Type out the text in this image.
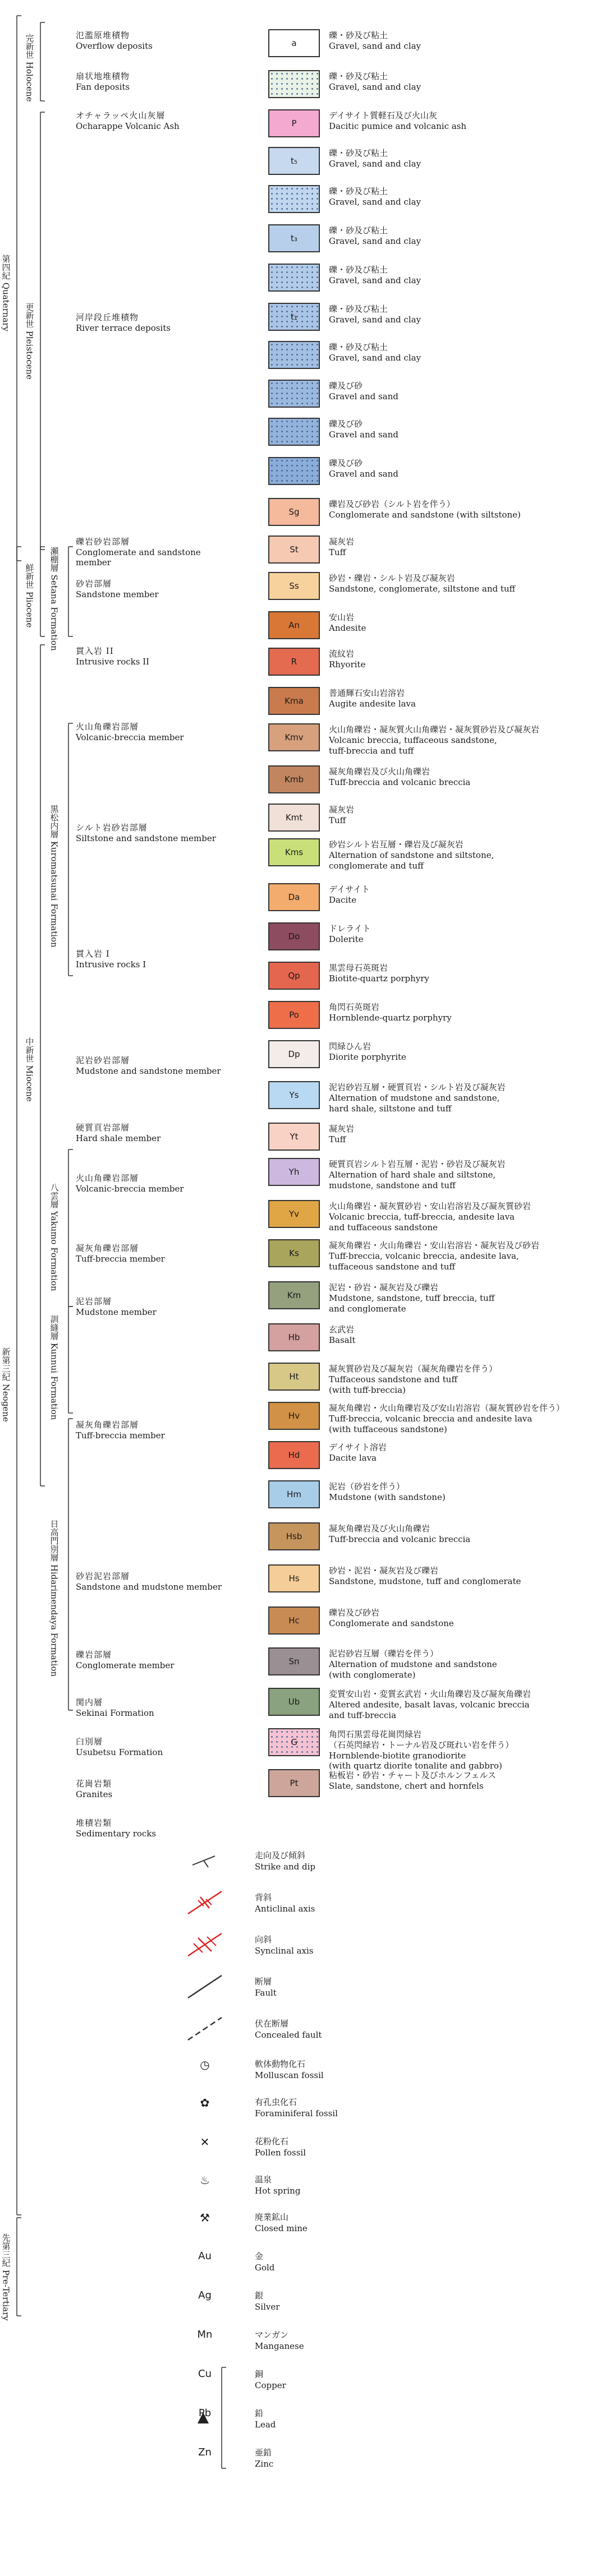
第四紀 Quaternary
新第三紀 Neogene
先第三紀 Pre-Tertiary
完新世 Holocene
更新世 Pleistocene
鮮新世 Pliocene
中新世 Miocene
瀬棚層 Setana Formation
黒松内層 Kuromatsunai Formation
八雲層 Yakumo Formation
訓縫層 Kunnui Formation
日高門別層 Hidarimendaya Formation
氾濫原堆積物
Overflow deposits
扇状地堆積物
Fan deposits
オチャラッペ火山灰層
Ocharappe Volcanic Ash
河岸段丘堆積物
River terrace deposits
礫岩砂岩部層
Conglomerate and sandstone
member
砂岩部層
Sandstone member
貫入岩 II
Intrusive rocks II
火山角礫岩部層
Volcanic-breccia member
シルト岩砂岩部層
Siltstone and sandstone member
貫入岩 I
Intrusive rocks I
泥岩砂岩部層
Mudstone and sandstone member
硬質頁岩部層
Hard shale member
火山角礫岩部層
Volcanic-breccia member
凝灰角礫岩部層
Tuff-breccia member
泥岩部層
Mudstone member
凝灰角礫岩部層
Tuff-breccia member
砂岩泥岩部層
Sandstone and mudstone member
礫岩部層
Conglomerate member
関内層
Sekinai Formation
臼別層
Usubetsu Formation
花崗岩類
Granites
堆積岩類
Sedimentary rocks
a
礫・砂及び粘土
Gravel, sand and clay
礫・砂及び粘土
Gravel, sand and clay
P
デイサイト質軽石及び火山灰
Dacitic pumice and volcanic ash
t₅
礫・砂及び粘土
Gravel, sand and clay
礫・砂及び粘土
Gravel, sand and clay
t₃
礫・砂及び粘土
Gravel, sand and clay
礫・砂及び粘土
Gravel, sand and clay
t₁
礫・砂及び粘土
Gravel, sand and clay
礫・砂及び粘土
Gravel, sand and clay
礫及び砂
Gravel and sand
礫及び砂
Gravel and sand
礫及び砂
Gravel and sand
Sg
礫岩及び砂岩（シルト岩を伴う）
Conglomerate and sandstone (with siltstone)
St
凝灰岩
Tuff
Ss
砂岩・礫岩・シルト岩及び凝灰岩
Sandstone, conglomerate, siltstone and tuff
An
安山岩
Andesite
R
流紋岩
Rhyorite
Kma
普通輝石安山岩溶岩
Augite andesite lava
Kmv
火山角礫岩・凝灰質火山角礫岩・凝灰質砂岩及び凝灰岩
Volcanic breccia, tuffaceous sandstone,
tuff-breccia and tuff
Kmb
凝灰角礫岩及び火山角礫岩
Tuff-breccia and volcanic breccia
Kmt
凝灰岩
Tuff
Kms
砂岩シルト岩互層・礫岩及び凝灰岩
Alternation of sandstone and siltstone,
conglomerate and tuff
Da
デイサイト
Dacite
Do
ドレライト
Dolerite
Qp
黒雲母石英斑岩
Biotite-quartz porphyry
Po
角閃石英斑岩
Hornblende-quartz porphyry
Dp
閃緑ひん岩
Diorite porphyrite
Ys
泥岩砂岩互層・硬質頁岩・シルト岩及び凝灰岩
Alternation of mudstone and sandstone,
hard shale, siltstone and tuff
Yt
凝灰岩
Tuff
Yh
硬質頁岩シルト岩互層・泥岩・砂岩及び凝灰岩
Alternation of hard shale and siltstone,
mudstone, sandstone and tuff
Yv
火山角礫岩・凝灰質砂岩・安山岩溶岩及び凝灰質砂岩
Volcanic breccia, tuff-breccia, andesite lava
and tuffaceous sandstone
Ks
凝灰角礫岩・火山角礫岩・安山岩溶岩・凝灰岩及び砂岩
Tuff-breccia, volcanic breccia, andesite lava,
tuffaceous sandstone and tuff
Km
泥岩・砂岩・凝灰岩及び礫岩
Mudstone, sandstone, tuff breccia, tuff
and conglomerate
Hb
玄武岩
Basalt
Ht
凝灰質砂岩及び凝灰岩（凝灰角礫岩を伴う）
Tuffaceous sandstone and tuff
(with tuff-breccia)
Hv
凝灰角礫岩・火山角礫岩及び安山岩溶岩（凝灰質砂岩を伴う）
Tuff-breccia, volcanic breccia and andesite lava
(with tuffaceous sandstone)
Hd
デイサイト溶岩
Dacite lava
Hm
泥岩（砂岩を伴う）
Mudstone (with sandstone)
Hsb
凝灰角礫岩及び火山角礫岩
Tuff-breccia and volcanic breccia
Hs
砂岩・泥岩・凝灰岩及び礫岩
Sandstone, mudstone, tuff and conglomerate
Hc
礫岩及び砂岩
Conglomerate and sandstone
Sn
泥岩砂岩互層（礫岩を伴う）
Alternation of mudstone and sandstone
(with conglomerate)
Ub
変質安山岩・変質玄武岩・火山角礫岩及び凝灰角礫岩
Altered andesite, basalt lavas, volcanic breccia
and tuff-breccia
G
角閃石黒雲母花崗閃緑岩
（石英閃緑岩・トーナル岩及び斑れい岩を伴う）
Hornblende-biotite granodiorite
(with quartz diorite tonalite and gabbro)
Pt
粘板岩・砂岩・チャート及びホルンフェルス
Slate, sandstone, chert and hornfels
走向及び傾斜
Strike and dip
背斜
Anticlinal axis
向斜
Synclinal axis
断層
Fault
伏在断層
Concealed fault
軟体動物化石
Molluscan fossil
◷
有孔虫化石
Foraminiferal fossil
✿
花粉化石
Pollen fossil
✕
温泉
Hot spring
♨
廃業鉱山
Closed mine
⚒
金
Gold
Au
銀
Silver
Ag
マンガン
Manganese
Mn
銅
Copper
Cu
鉛
Lead
Pb
亜鉛
Zinc
Zn
